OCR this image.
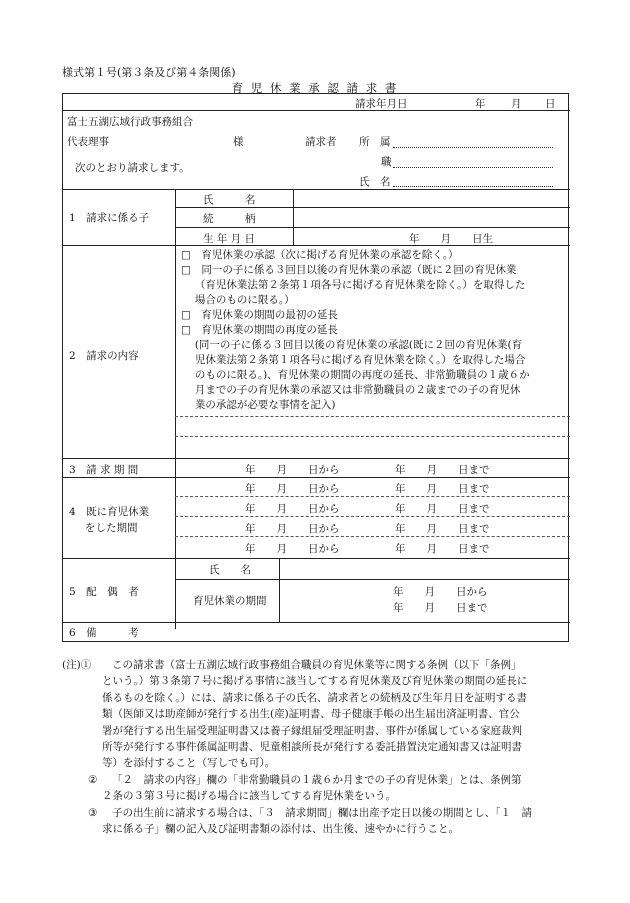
様式第１号(第３条及び第４条関係)
育 児 休 業 承 認 請 求 書
請求年月日	年 月 日
富士五湖広域行政事務組合
代表理事	様	請求者 所　属
職
次のとおり請求します。
氏　名
1　請求に係る子
氏　　　名
続　　　柄
生 年 月 日	年　　月　　日生
2　請求の内容

□　育児休業の承認（次に掲げる育児休業の承認を除く。）

□　同一の子に係る３回目以後の育児休業の承認（既に２回の育児休業

　 （育児休業法第２条第１項各号に掲げる育児休業を除く。）を取得した

　 場合のものに限る。）

□　育児休業の期間の最初の延長

□　育児休業の期間の再度の延長

　 (同一の子に係る３回目以後の育児休業の承認(既に２回の育児休業(育

　 児休業法第２条第１項各号に掲げる育児休業を除く。）を取得した場合

　 のものに限る。)、育児休業の期間の再度の延長、非常勤職員の１歳６か

　 月までの子の育児休業の承認又は非常勤職員の２歳までの子の育児休

　 業の承認が必要な事情を記入)

3　請 求 期 間	年　　月　　日から	年　　月　　日まで
4　既に育児休業
をした期間
年　　月　　日から	年　　月　　日まで
年　　月　　日から	年　　月　　日まで
年　　月　　日から	年　　月　　日まで
年　　月　　日から	年　　月　　日まで
5　配　偶　者
氏　　名
育児休業の期間
年　　月　　日から
年　　月　　日まで
6　備　　　考
(注)① この請求書（富士五湖広域行政事務組合職員の育児休業等に関する条例（以下「条例」
という。）第３条第７号に掲げる事情に該当してする育児休業及び育児休業の期間の延長に
係るものを除く。）には、請求に係る子の氏名、請求者との続柄及び生年月日を証明する書
類（医師又は助産師が発行する出生(産)証明書、母子健康手帳の出生届出済証明書、官公
署が発行する出生届受理証明書又は養子縁組届受理証明書、事件が係属している家庭裁判
所等が発行する事件係属証明書、児童相談所長が発行する委託措置決定通知書又は証明書
等）を添付すること（写しでも可）。
② 「２　請求の内容」欄の「非常勤職員の１歳６か月までの子の育児休業」とは、条例第
２条の３第３号に掲げる場合に該当してする育児休業をいう。
③ 子の出生前に請求する場合は、「３　請求期間」欄は出産予定日以後の期間とし、「１　請
求に係る子」欄の記入及び証明書類の添付は、出生後、速やかに行うこと。
